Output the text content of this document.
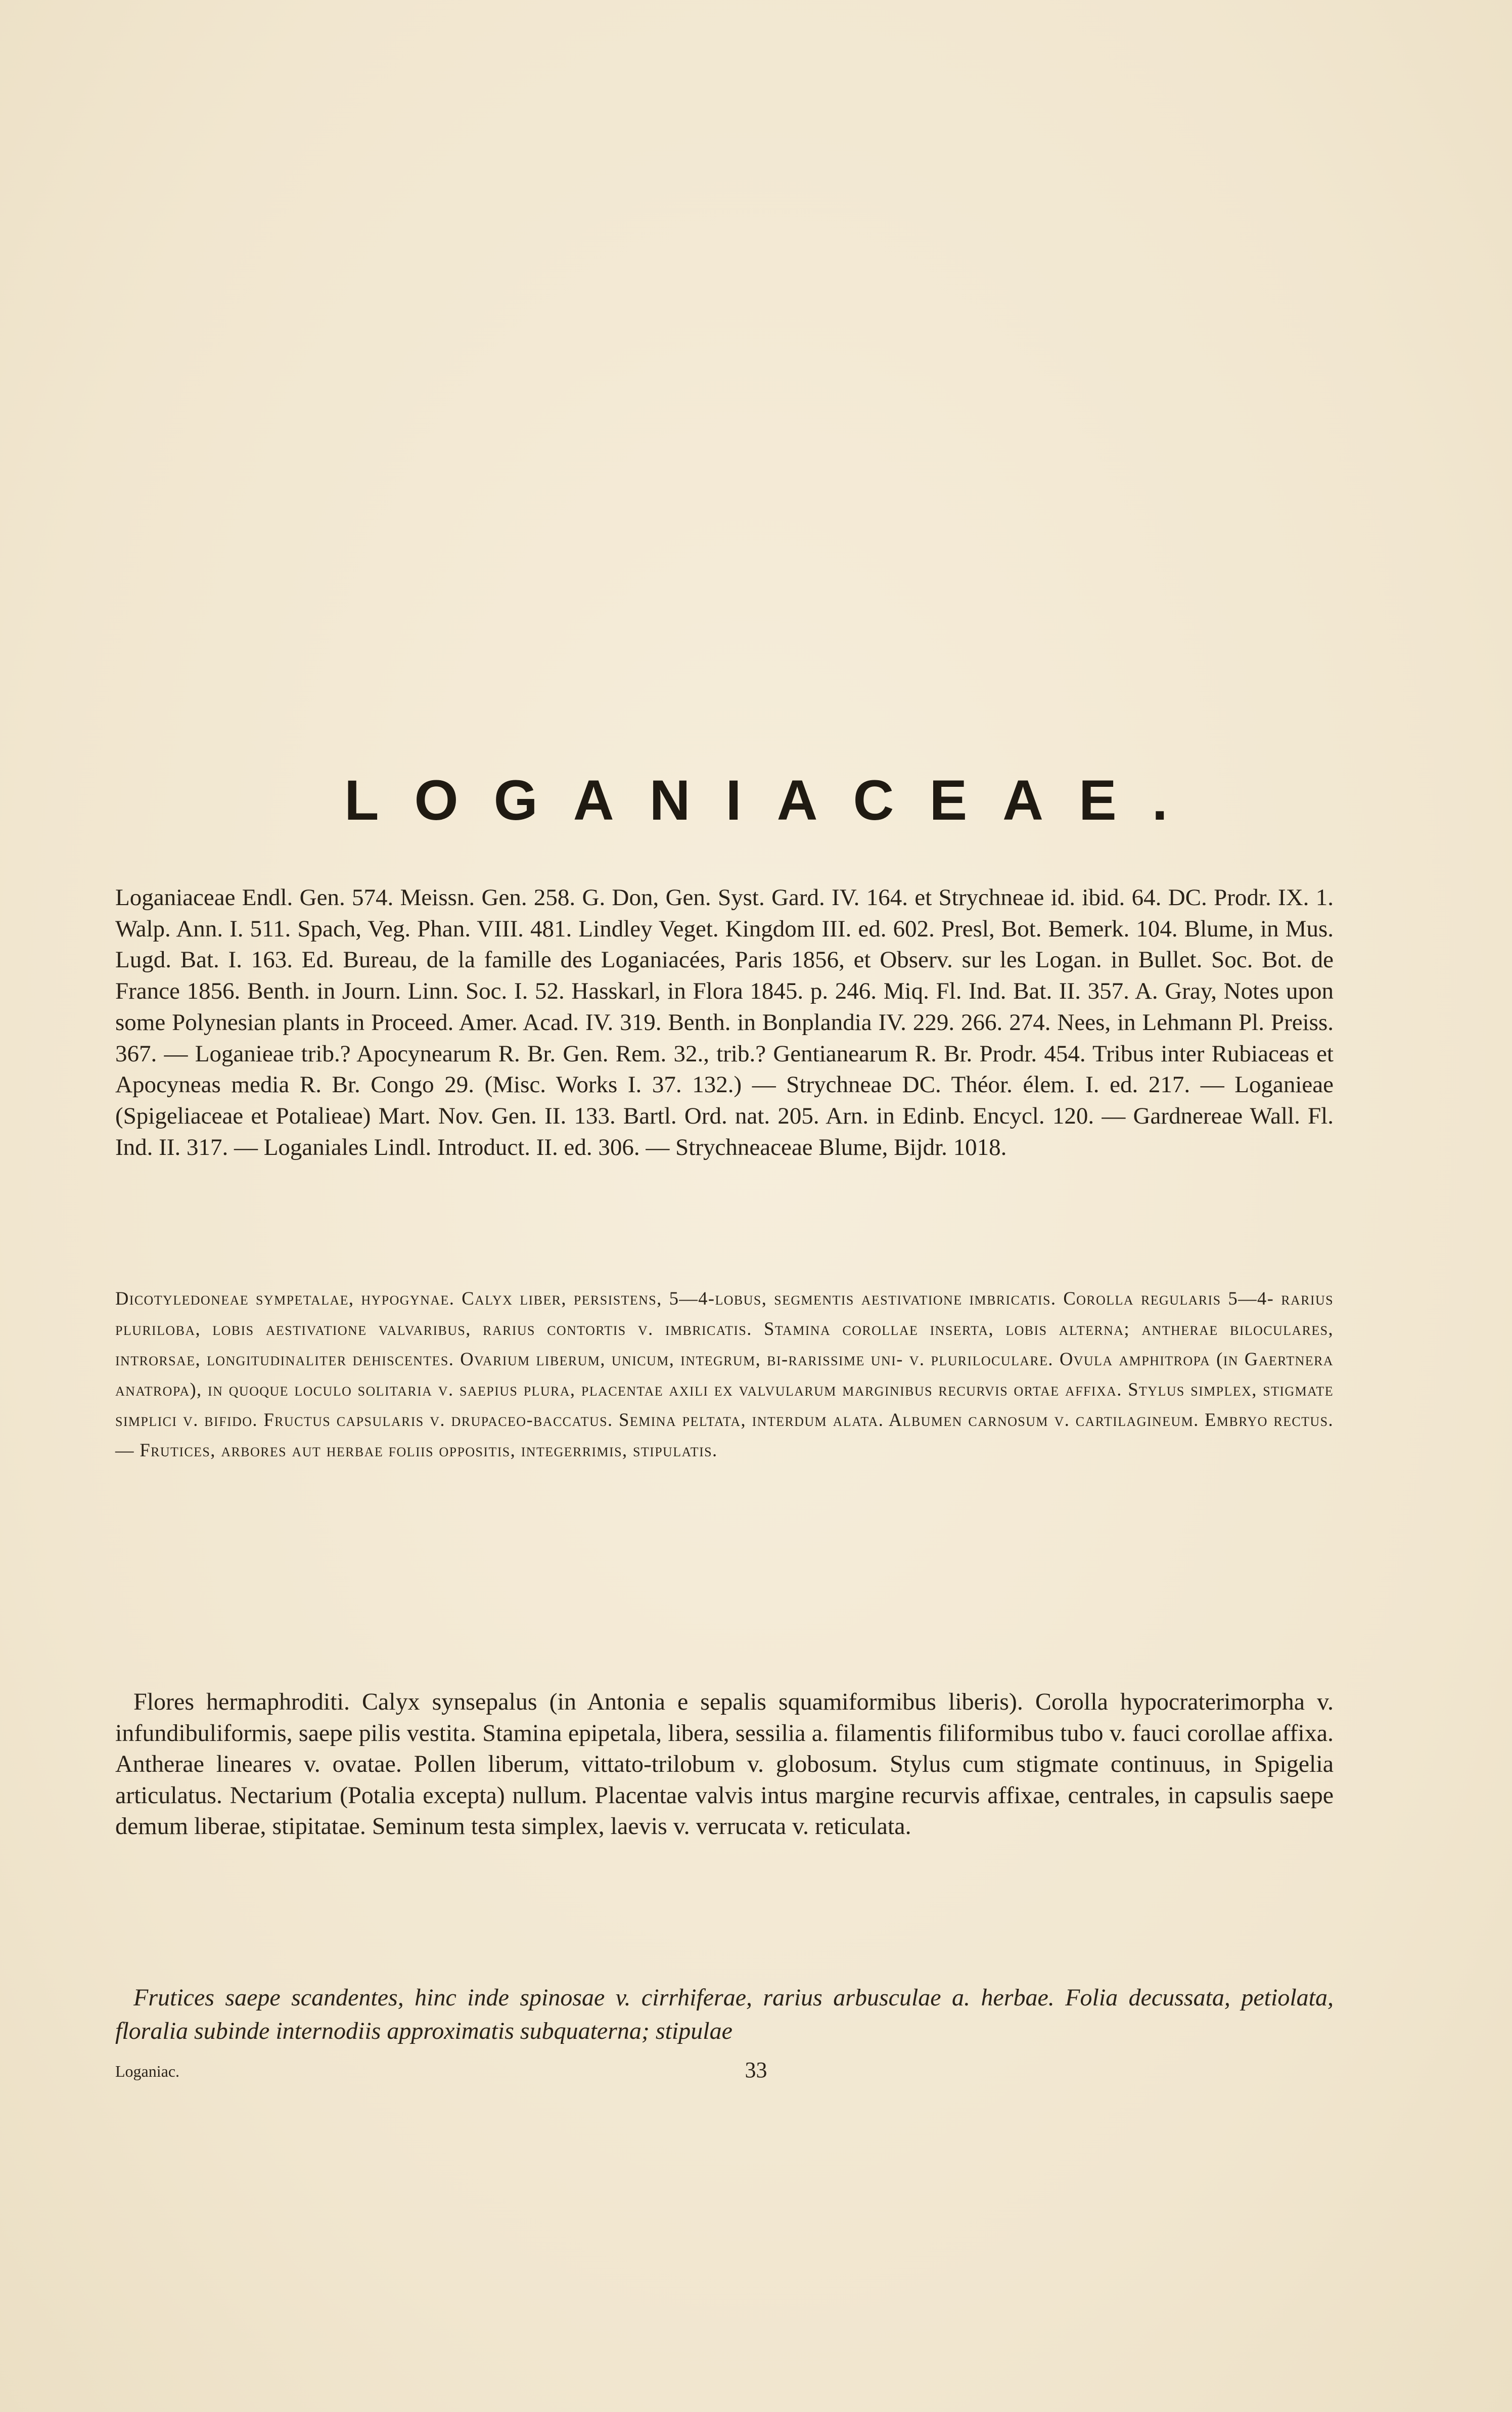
LOGANIACEAE.
Loganiaceae Endl. Gen. 574. Meissn. Gen. 258. G. Don, Gen. Syst. Gard. IV. 164. et Strychneae id. ibid. 64. DC. Prodr. IX. 1. Walp. Ann. I. 511. Spach, Veg. Phan. VIII. 481. Lindley Veget. Kingdom III. ed. 602. Presl, Bot. Bemerk. 104. Blume, in Mus. Lugd. Bat. I. 163. Ed. Bureau, de la famille des Loganiacées, Paris 1856, et Observ. sur les Logan. in Bullet. Soc. Bot. de France 1856. Benth. in Journ. Linn. Soc. I. 52. Hasskarl, in Flora 1845. p. 246. Miq. Fl. Ind. Bat. II. 357. A. Gray, Notes upon some Polynesian plants in Proceed. Amer. Acad. IV. 319. Benth. in Bonplandia IV. 229. 266. 274. Nees, in Lehmann Pl. Preiss. 367. — Loganieae trib.? Apocynearum R. Br. Gen. Rem. 32., trib.? Gentianearum R. Br. Prodr. 454. Tribus inter Rubiaceas et Apocyneas media R. Br. Congo 29. (Misc. Works I. 37. 132.) — Strychneae DC. Théor. élem. I. ed. 217. — Loganieae (Spigeliaceae et Potalieae) Mart. Nov. Gen. II. 133. Bartl. Ord. nat. 205. Arn. in Edinb. Encycl. 120. — Gardnereae Wall. Fl. Ind. II. 317. — Loganiales Lindl. Introduct. II. ed. 306. — Strychneaceae Blume, Bijdr. 1018.
Dicotyledoneae sympetalae, hypogynae. Calyx liber, persistens, 5—4-lobus, segmentis aestivatione imbricatis. Corolla regularis 5—4- rarius pluriloba, lobis aestivatione valvaribus, rarius contortis v. imbricatis. Stamina corollae inserta, lobis alterna; antherae biloculares, introrsae, longitudinaliter dehiscentes. Ovarium liberum, unicum, integrum, bi-rarissime uni- v. pluriloculare. Ovula amphitropa (in Gaertnera anatropa), in quoque loculo solitaria v. saepius plura, placentae axili ex valvularum marginibus recurvis ortae affixa. Stylus simplex, stigmate simplici v. bifido. Fructus capsularis v. drupaceo-baccatus. Semina peltata, interdum alata. Albumen carnosum v. cartilagineum. Embryo rectus. — Frutices, arbores aut herbae foliis oppositis, integerrimis, stipulatis.
Flores hermaphroditi. Calyx synsepalus (in Antonia e sepalis squamiformibus liberis). Corolla hypocraterimorpha v. infundibuliformis, saepe pilis vestita. Stamina epipetala, libera, sessilia a. filamentis filiformibus tubo v. fauci corollae affixa. Antherae lineares v. ovatae. Pollen liberum, vittato-trilobum v. globosum. Stylus cum stigmate continuus, in Spigelia articulatus. Nectarium (Potalia excepta) nullum. Placentae valvis intus margine recurvis affixae, centrales, in capsulis saepe demum liberae, stipitatae. Seminum testa simplex, laevis v. verrucata v. reticulata.
Frutices saepe scandentes, hinc inde spinosae v. cirrhiferae, rarius arbusculae a. herbae. Folia decussata, petiolata, floralia subinde internodiis approximatis subquaterna; stipulae
Loganiac.	33
